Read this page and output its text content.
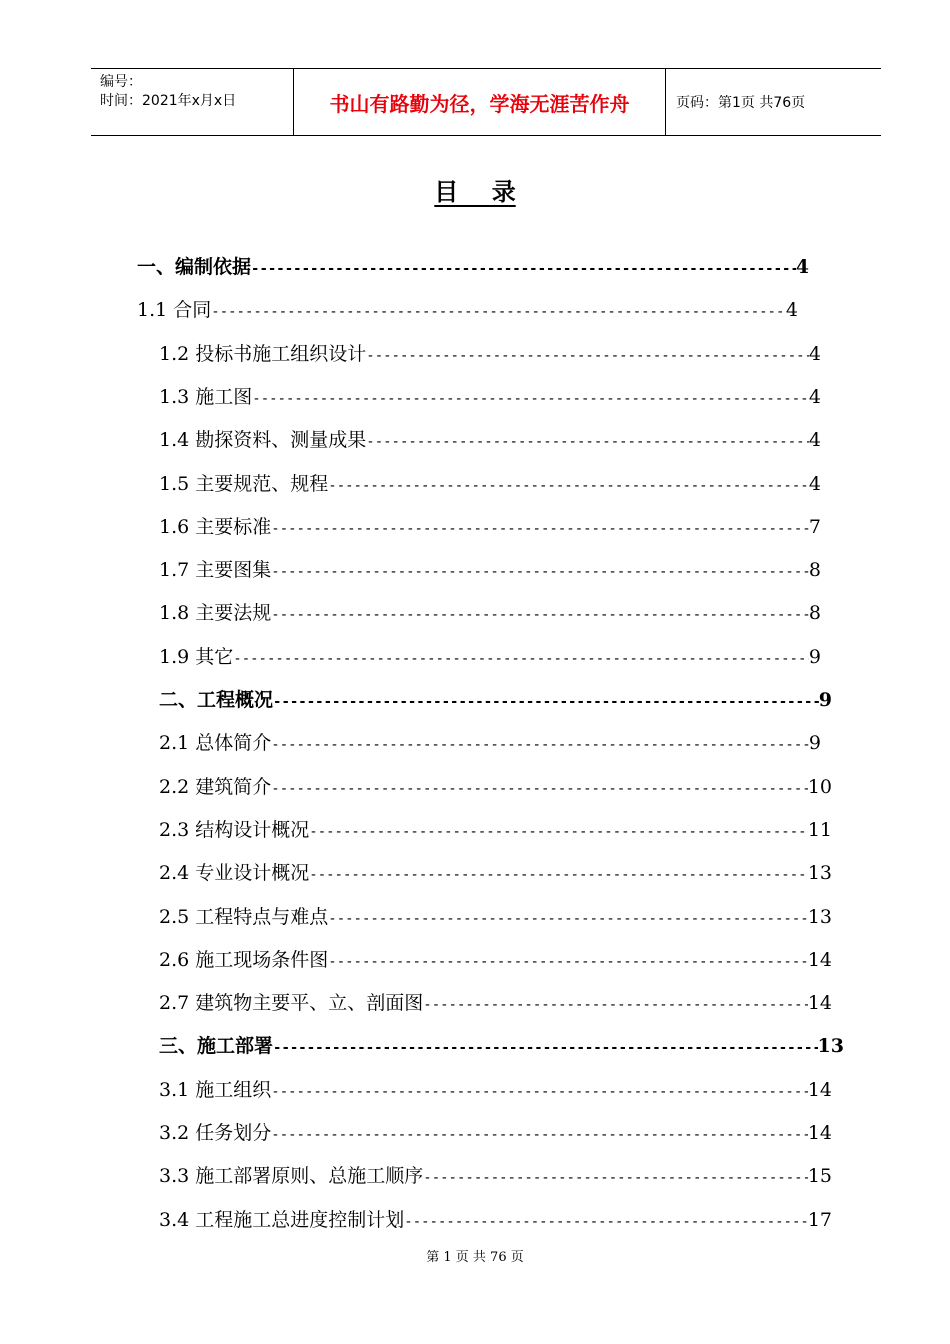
编号：
时间：2021年x月x日	书山有路勤为径，学海无涯苦作舟	页码：第1页 共76页
目    录
一、编制依据 -----	4
1.1 合同 -----	4
1.2 投标书施工组织设计 -----	4
1.3 施工图 -----	4
1.4 勘探资料、测量成果 -----	4
1.5 主要规范、规程 -----	4
1.6 主要标准 -----	7
1.7 主要图集 -----	8
1.8 主要法规 -----	8
1.9 其它 -----	9
二、工程概况 -----	9
2.1 总体简介 -----	9
2.2 建筑简介 -----	10
2.3 结构设计概况 -----	11
2.4 专业设计概况 -----	13
2.5 工程特点与难点 -----	13
2.6 施工现场条件图 -----	14
2.7 建筑物主要平、立、剖面图 -----	14
三、施工部署 -----	13
3.1 施工组织 -----	14
3.2 任务划分 -----	14
3.3 施工部署原则、总施工顺序 -----	15
3.4 工程施工总进度控制计划 -----	17
第 1 页 共 76 页
